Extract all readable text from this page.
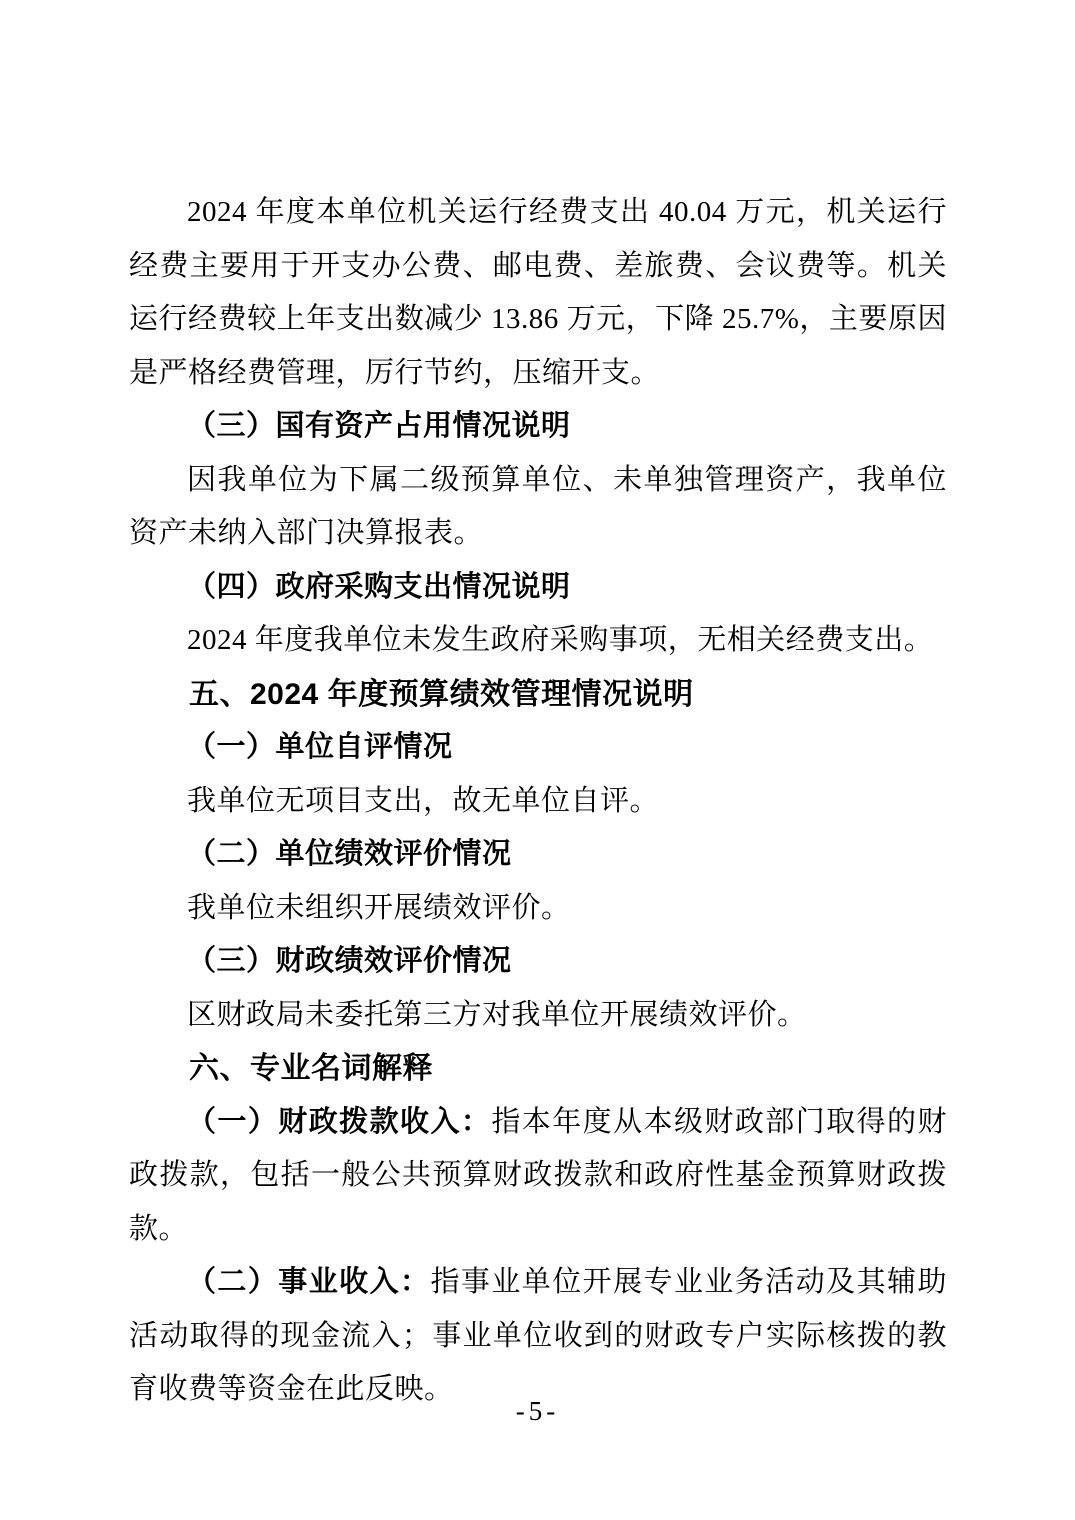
2024 年度本单位机关运行经费支出 40.04 万元，机关运行经费主要用于开支办公费、邮电费、差旅费、会议费等。机关运行经费较上年支出数减少 13.86 万元，下降 25.7%，主要原因是严格经费管理，厉行节约，压缩开支。

（三）国有资产占用情况说明

因我单位为下属二级预算单位、未单独管理资产，我单位资产未纳入部门决算报表。

（四）政府采购支出情况说明

2024 年度我单位未发生政府采购事项，无相关经费支出。

五、2024 年度预算绩效管理情况说明

（一）单位自评情况

我单位无项目支出，故无单位自评。

（二）单位绩效评价情况

我单位未组织开展绩效评价。

（三）财政绩效评价情况

区财政局未委托第三方对我单位开展绩效评价。

六、专业名词解释

（一）财政拨款收入：指本年度从本级财政部门取得的财政拨款，包括一般公共预算财政拨款和政府性基金预算财政拨款。

（二）事业收入：指事业单位开展专业业务活动及其辅助活动取得的现金流入；事业单位收到的财政专户实际核拨的教育收费等资金在此反映。

-5-
